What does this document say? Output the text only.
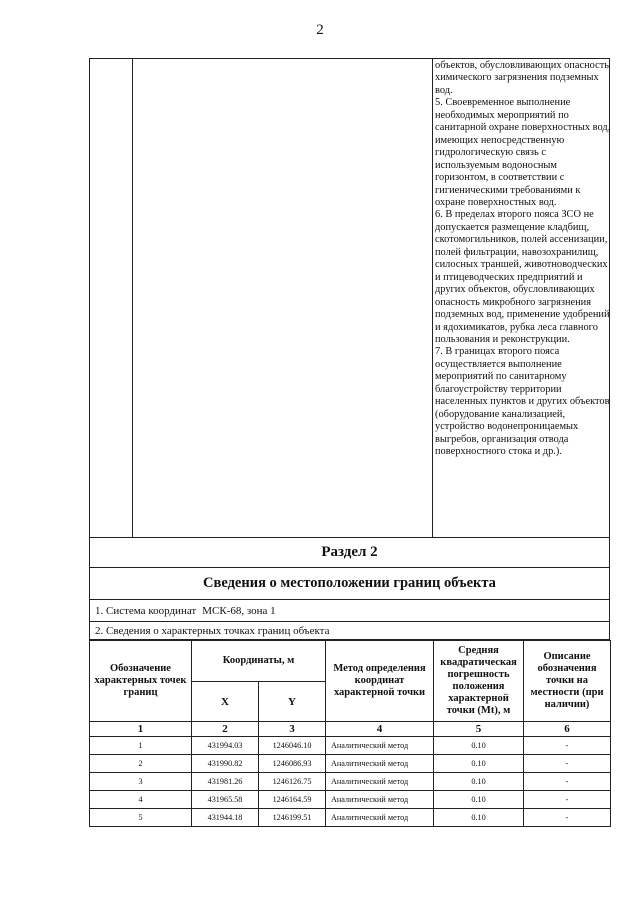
2

объектов, обусловливающих опасность химического загрязнения подземных вод.
5. Своевременное выполнение необходимых мероприятий по санитарной охране поверхностных вод, имеющих непосредственную гидрологическую связь с используемым водоносным горизонтом, в соответствии с гигиеническими требованиями к охране поверхностных вод.
6. В пределах второго пояса ЗСО не допускается размещение кладбищ, скотомогильников, полей ассенизации, полей фильтрации, навозохранилищ, силосных траншей, животноводческих и птицеводческих предприятий и других объектов, обусловливающих опасность микробного загрязнения подземных вод, применение удобрений и ядохимикатов, рубка леса главного пользования и реконструкции.
7. В границах второго пояса осуществляется выполнение мероприятий по санитарному благоустройству территории населенных пунктов и других объектов (оборудование канализацией, устройство водонепроницаемых выгребов, организация отвода поверхностного стока и др.).

Раздел 2
Сведения о местоположении границ объекта
1. Система координат МСК-68, зона 1
2. Сведения о характерных точках границ объекта
Обозначение характерных точек границ	Координаты, м		Метод определения координат характерной точки	Средняя квадратическая погрешность положения характерной точки (Mt), м	Описание обозначения точки на местности (при наличии)
	X	Y			
1	2	3	4	5	6
1	431994.03	1246046.10	Аналитический метод	0.10	-
2	431990.82	1246086.93	Аналитический метод	0.10	-
3	431981.26	1246126.75	Аналитический метод	0.10	-
4	431965.58	1246164.59	Аналитический метод	0.10	-
5	431944.18	1246199.51	Аналитический метод	0.10	-
